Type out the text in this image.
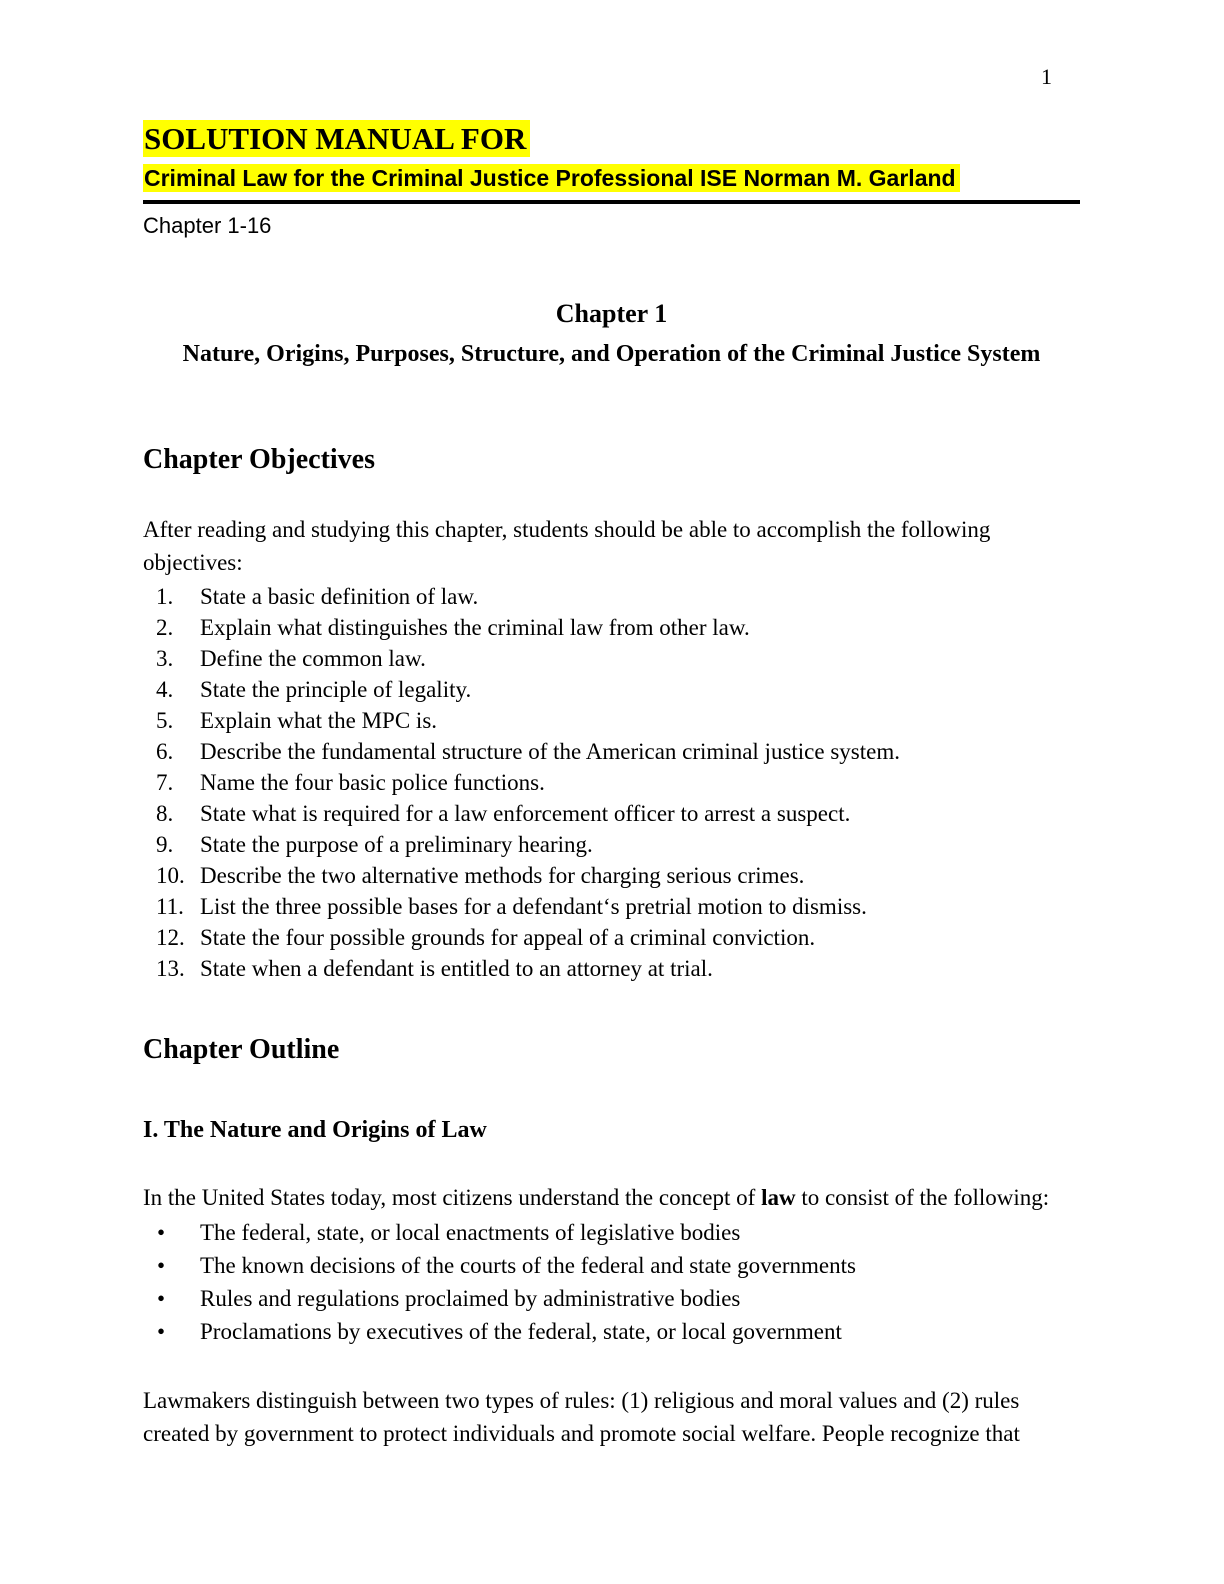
1
SOLUTION MANUAL FOR
Criminal Law for the Criminal Justice Professional ISE Norman M. Garland
Chapter 1-16
Chapter 1
Nature, Origins, Purposes, Structure, and Operation of the Criminal Justice System
Chapter Objectives

After reading and studying this chapter, students should be able to accomplish the following objectives:

State a basic definition of law.
Explain what distinguishes the criminal law from other law.
Define the common law.
State the principle of legality.
Explain what the MPC is.
Describe the fundamental structure of the American criminal justice system.
Name the four basic police functions.
State what is required for a law enforcement officer to arrest a suspect.
State the purpose of a preliminary hearing.
Describe the two alternative methods for charging serious crimes.
List the three possible bases for a defendant‘s pretrial motion to dismiss.
State the four possible grounds for appeal of a criminal conviction.
State when a defendant is entitled to an attorney at trial.
Chapter Outline
I. The Nature and Origins of Law

In the United States today, most citizens understand the concept of law to consist of the following:

• The federal, state, or local enactments of legislative bodies
• The known decisions of the courts of the federal and state governments
• Rules and regulations proclaimed by administrative bodies
• Proclamations by executives of the federal, state, or local government

Lawmakers distinguish between two types of rules: (1) religious and moral values and (2) rules created by government to protect individuals and promote social welfare. People recognize that
